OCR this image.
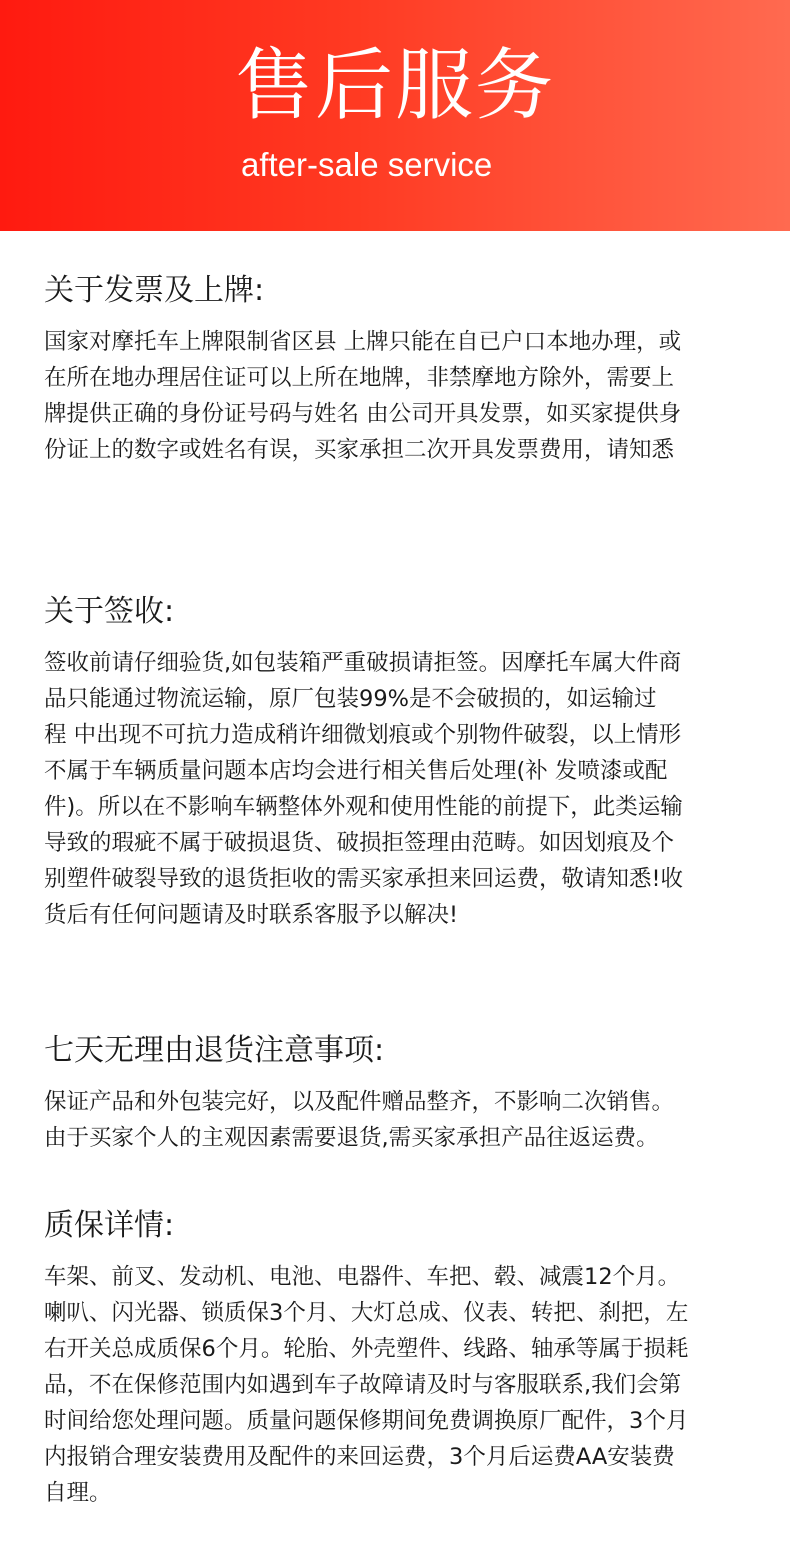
售后服务
after-sale service
关于发票及上牌:
国家对摩托车上牌限制省区县 上牌只能在自已户口本地办理，或
在所在地办理居住证可以上所在地牌，非禁摩地方除外，需要上
牌提供正确的身份证号码与姓名 由公司开具发票，如买家提供身
份证上的数字或姓名有误，买家承担二次开具发票费用，请知悉
关于签收:
签收前请仔细验货,如包装箱严重破损请拒签。因摩托车属大件商
品只能通过物流运输，原厂包装99%是不会破损的，如运输过
程 中出现不可抗力造成稍许细微划痕或个别物件破裂，以上情形
不属于车辆质量问题本店均会进行相关售后处理(补 发喷漆或配
件)。所以在不影响车辆整体外观和使用性能的前提下，此类运输
导致的瑕疵不属于破损退货、破损拒签理由范畴。如因划痕及个
别塑件破裂导致的退货拒收的需买家承担来回运费，敬请知悉!收
货后有任何问题请及时联系客服予以解决!
七天无理由退货注意事项:
保证产品和外包装完好，以及配件赠品整齐，不影响二次销售。
由于买家个人的主观因素需要退货,需买家承担产品往返运费。
质保详情:
车架、前叉、发动机、电池、电器件、车把、毂、减震12个月。
喇叭、闪光器、锁质保3个月、大灯总成、仪表、转把、刹把，左
右开关总成质保6个月。轮胎、外壳塑件、线路、轴承等属于损耗
品，不在保修范围内如遇到车子故障请及时与客服联系,我们会第
时间给您处理问题。质量问题保修期间免费调换原厂配件，3个月
内报销合理安装费用及配件的来回运费，3个月后运费AA安装费
自理。
